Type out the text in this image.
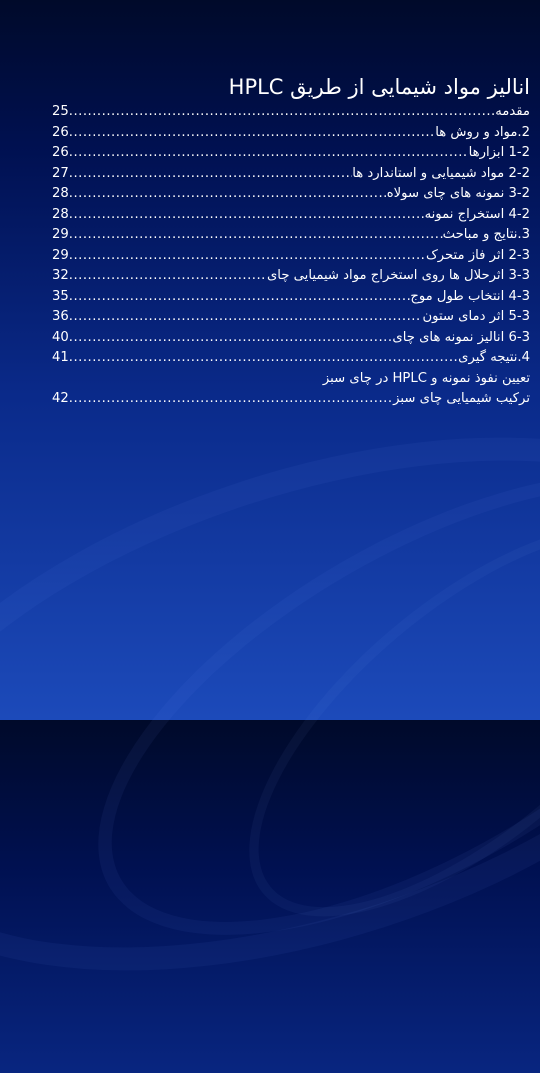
انالیز مواد شیمایی از طریق HPLC
مقدمه
.....
25
2.مواد و روش ها
.....
26
1-2 ابزارها
.....
26
2-2 مواد شیمیایی و استاندارد ها
.....
27
3-2 نمونه های چای سولاه
.....
28
4-2 استخراج نمونه
.....
28
3.نتایج و مباحث
.....
29
2-3 اثر فاز متحرک
.....
29
3-3 اثرحلال ها روی استخراج مواد شیمیایی چای
.....
32
4-3 انتخاب طول موج
.....
35
5-3 اثر دمای ستون
.....
36
6-3 انالیز نمونه های چای
.....
40
4.نتیجه گیری
.....
41
تعیین نفوذ نمونه و HPLC در چای سبز
ترکیب شیمیایی چای سبز
.....
42
